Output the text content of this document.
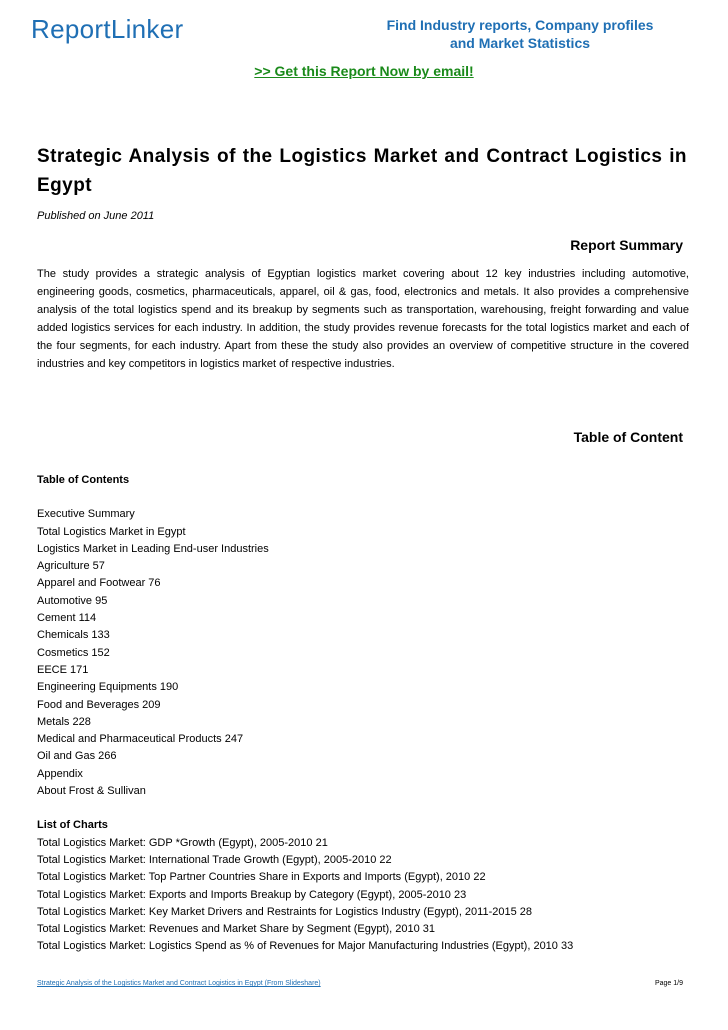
ReportLinker	Find Industry reports, Company profiles
and Market Statistics
>> Get this Report Now by email!
Strategic Analysis of the Logistics Market and Contract Logistics in Egypt
Published on June 2011
Report Summary
The study provides a strategic analysis of Egyptian logistics market covering about 12 key industries including automotive, engineering goods, cosmetics, pharmaceuticals, apparel, oil & gas, food, electronics and metals. It also provides a comprehensive analysis of the total logistics spend and its breakup by segments such as transportation, warehousing, freight forwarding and value added logistics services for each industry. In addition, the study provides revenue forecasts for the total logistics market and each of the four segments, for each industry. Apart from these the study also provides an overview of competitive structure in the covered industries and key competitors in logistics market of respective industries.
Table of Content
Table of Contents
Executive Summary
Total Logistics Market in Egypt
Logistics Market in Leading End-user Industries
Agriculture 57
Apparel and Footwear 76
Automotive 95
Cement 114
Chemicals 133
Cosmetics 152
EECE 171
Engineering Equipments 190
Food and Beverages 209
Metals 228
Medical and Pharmaceutical Products 247
Oil and Gas 266
Appendix
About Frost & Sullivan
List of Charts
Total Logistics Market: GDP *Growth (Egypt), 2005-2010 21
Total Logistics Market: International Trade Growth (Egypt), 2005-2010 22
Total Logistics Market: Top Partner Countries Share in Exports and Imports (Egypt), 2010 22
Total Logistics Market: Exports and Imports Breakup by Category (Egypt), 2005-2010 23
Total Logistics Market: Key Market Drivers and Restraints for Logistics Industry (Egypt), 2011-2015 28
Total Logistics Market: Revenues and Market Share by Segment (Egypt), 2010 31
Total Logistics Market: Logistics Spend as % of Revenues for Major Manufacturing Industries (Egypt), 2010 33
Strategic Analysis of the Logistics Market and Contract Logistics in Egypt (From Slideshare)	Page 1/9
